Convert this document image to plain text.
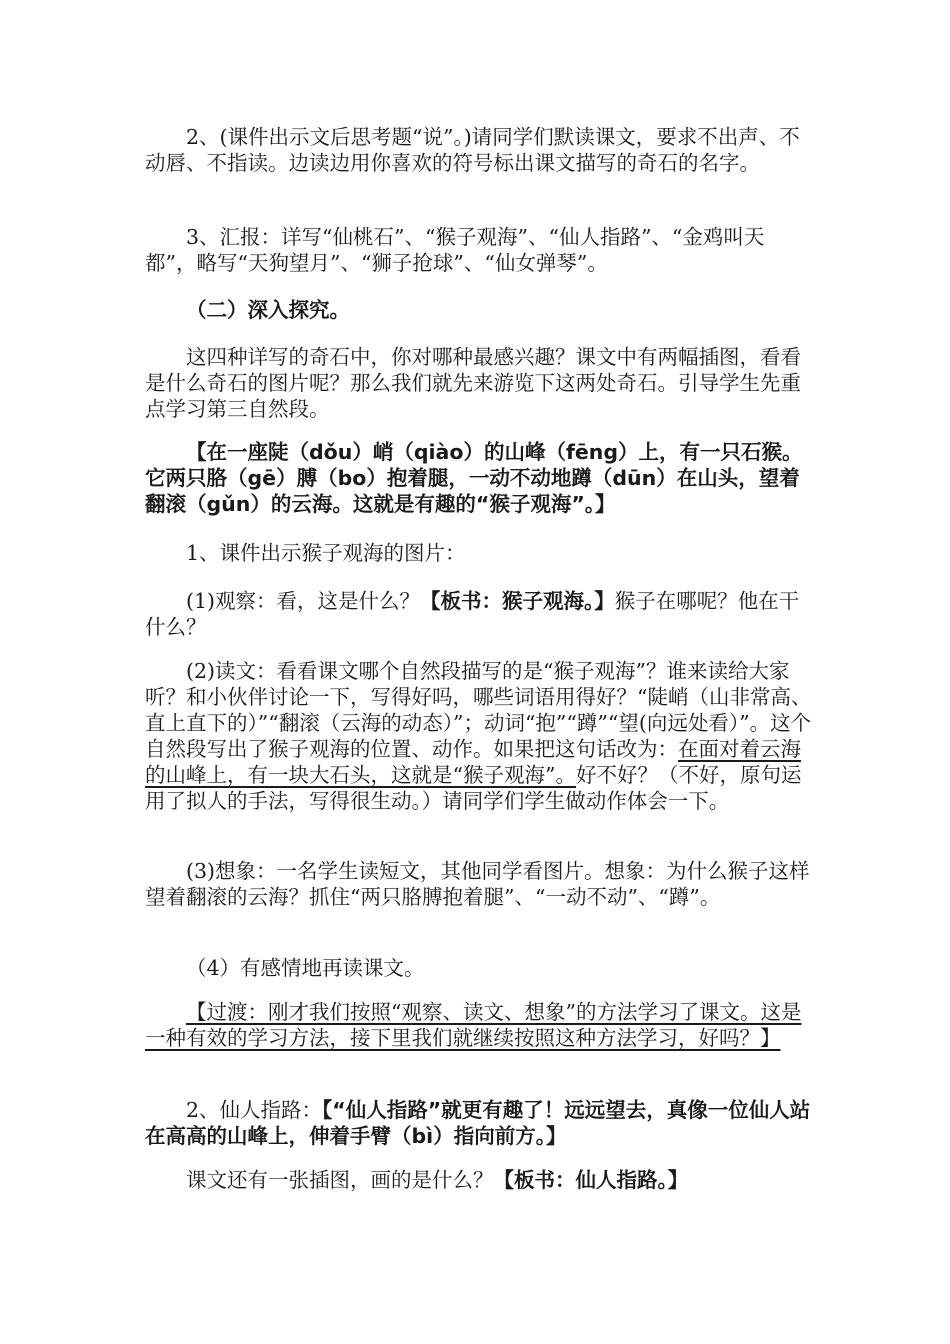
2、(课件出示文后思考题“说”。)请同学们默读课文，要求不出声、不动唇、不指读。边读边用你喜欢的符号标出课文描写的奇石的名字。
3、汇报：详写“仙桃石”、“猴子观海”、“仙人指路”、“金鸡叫天都”，略写“天狗望月”、“狮子抢球”、“仙女弹琴”。
（二）深入探究。
这四种详写的奇石中，你对哪种最感兴趣？课文中有两幅插图，看看是什么奇石的图片呢？那么我们就先来游览下这两处奇石。引导学生先重点学习第三自然段。
【在一座陡（dǒu）峭（qiào）的山峰（fēng）上，有一只石猴。它两只胳（gē）膊（bo）抱着腿，一动不动地蹲（dūn）在山头，望着翻滚（gǔn）的云海。这就是有趣的“猴子观海”。】
1、课件出示猴子观海的图片：
(1)观察：看，这是什么？【板书：猴子观海。】猴子在哪呢？他在干什么？
(2)读文：看看课文哪个自然段描写的是“猴子观海”？谁来读给大家听？和小伙伴讨论一下，写得好吗，哪些词语用得好？“陡峭（山非常高、直上直下的）”“翻滚（云海的动态）”；动词“抱”“蹲”“望(向远处看）”。这个自然段写出了猴子观海的位置、动作。如果把这句话改为：在面对着云海的山峰上，有一块大石头，这就是“猴子观海”。好不好？（不好，原句运用了拟人的手法，写得很生动。）请同学们学生做动作体会一下。
(3)想象：一名学生读短文，其他同学看图片。想象：为什么猴子这样望着翻滚的云海？抓住“两只胳膊抱着腿”、“一动不动”、“蹲”。
（4）有感情地再读课文。
【过渡：刚才我们按照“观察、读文、想象”的方法学习了课文。这是一种有效的学习方法，接下里我们就继续按照这种方法学习，好吗？】
2、仙人指路：【“仙人指路”就更有趣了！远远望去，真像一位仙人站在高高的山峰上，伸着手臂（bì）指向前方。】
课文还有一张插图，画的是什么？【板书：仙人指路。】
